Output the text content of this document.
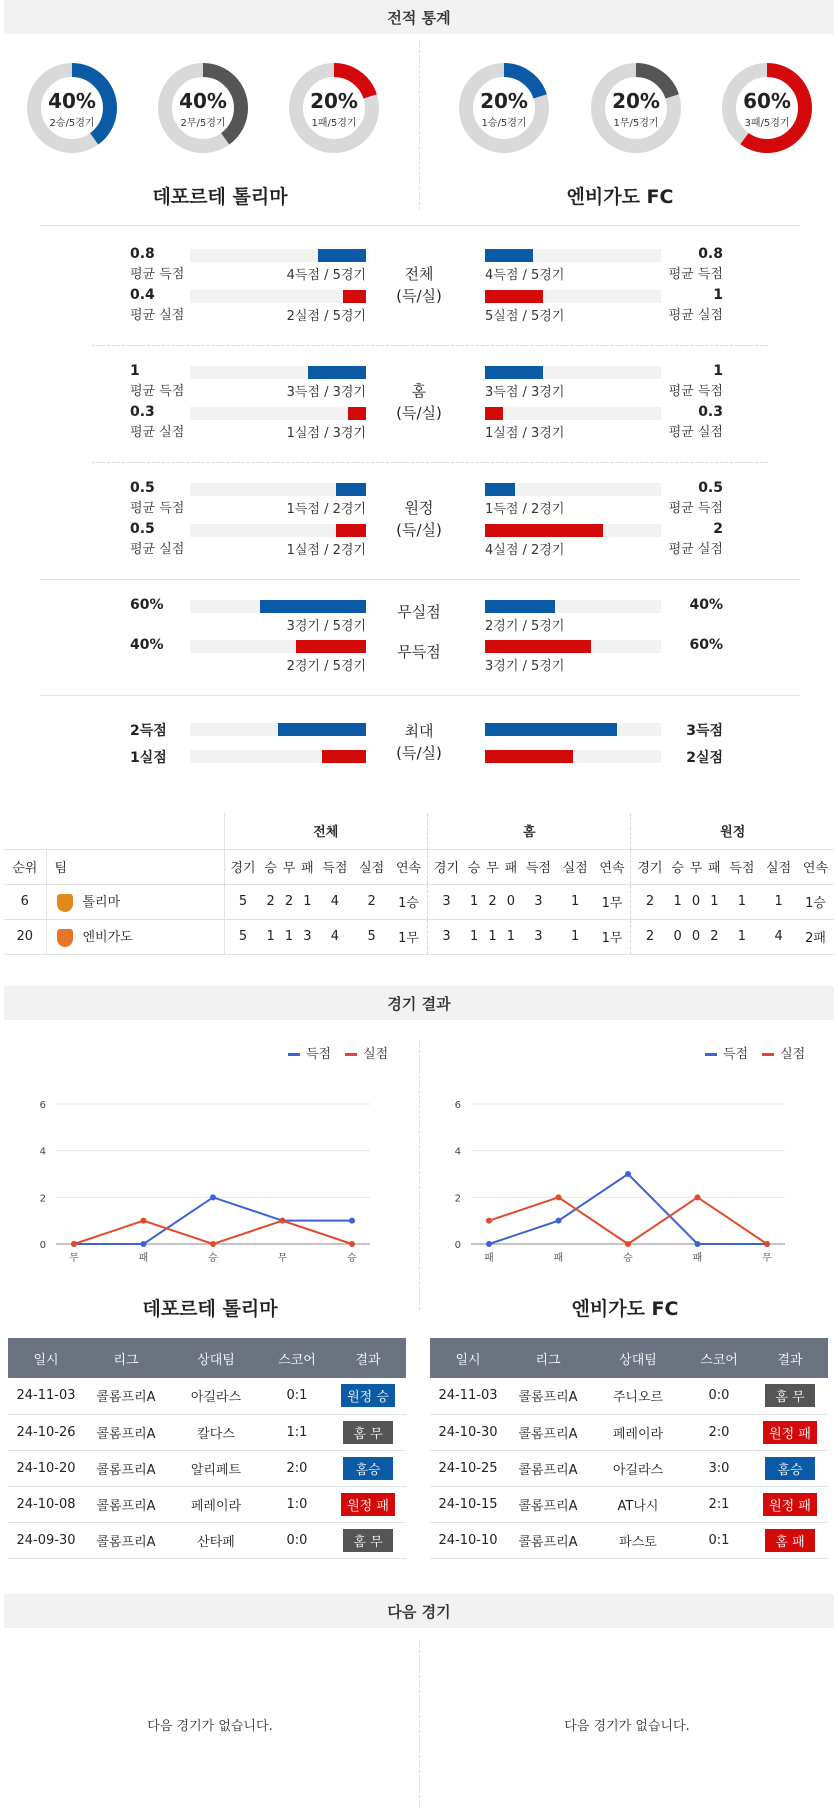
전적 통계
40%
2승/5경기
40%
2무/5경기
20%
1패/5경기
20%
1승/5경기
20%
1무/5경기
60%
3패/5경기
데포르테 톨리마	엔비가도 FC
0.8
평균 득점	4득점 / 5경기	4득점 / 5경기
0.8
평균 득점
0.4
평균 실점	2실점 / 5경기	5실점 / 5경기
1
평균 실점
전체
(득/실)
1
평균 득점	3득점 / 3경기	3득점 / 3경기
1
평균 득점
0.3
평균 실점	1실점 / 3경기	1실점 / 3경기
0.3
평균 실점
홈
(득/실)
0.5
평균 득점	1득점 / 2경기	1득점 / 2경기
0.5
평균 득점
0.5
평균 실점	1실점 / 2경기	4실점 / 2경기
2
평균 실점
원정
(득/실)
60%
3경기 / 5경기	2경기 / 5경기
40%
무실점
40%
2경기 / 5경기	3경기 / 5경기
60%
무득점
2득점	3득점
1실점	2실점
최대
(득/실)
		전체							홈							원정						
순위	팀	경기	승	무	패	득점	실점	연속	경기	승	무	패	득점	실점	연속	경기	승	무	패	득점	실점	연속
6	톨리마	5	2	2	1	4	2	1승	3	1	2	0	3	1	1무	2	1	0	1	1	1	1승
20	엔비가도	5	1	1	3	4	5	1무	3	1	1	1	3	1	1무	2	0	0	2	1	4	2패
경기 결과
득점	실점	득점	실점
6
4
2
0
무	패	승	무	승
6
4
2
0
패	패	승	패	무
데포르테 톨리마	엔비가도 FC
일시	리그	상대팀	스코어	결과
24-11-03	콜롬프리A	아길라스	0:1	원정 승
24-10-26	콜롬프리A	칼다스	1:1	홈 무
24-10-20	콜롬프리A	알리페트	2:0	홈승
24-10-08	콜롬프리A	페레이라	1:0	원정 패
24-09-30	콜롬프리A	산타페	0:0	홈 무
일시	리그	상대팀	스코어	결과
24-11-03	콜롬프리A	주니오르	0:0	홈 무
24-10-30	콜롬프리A	페레이라	2:0	원정 패
24-10-25	콜롬프리A	아길라스	3:0	홈승
24-10-15	콜롬프리A	AT나시	2:1	원정 패
24-10-10	콜롬프리A	파스토	0:1	홈 패
다음 경기
다음 경기가 없습니다.	다음 경기가 없습니다.
